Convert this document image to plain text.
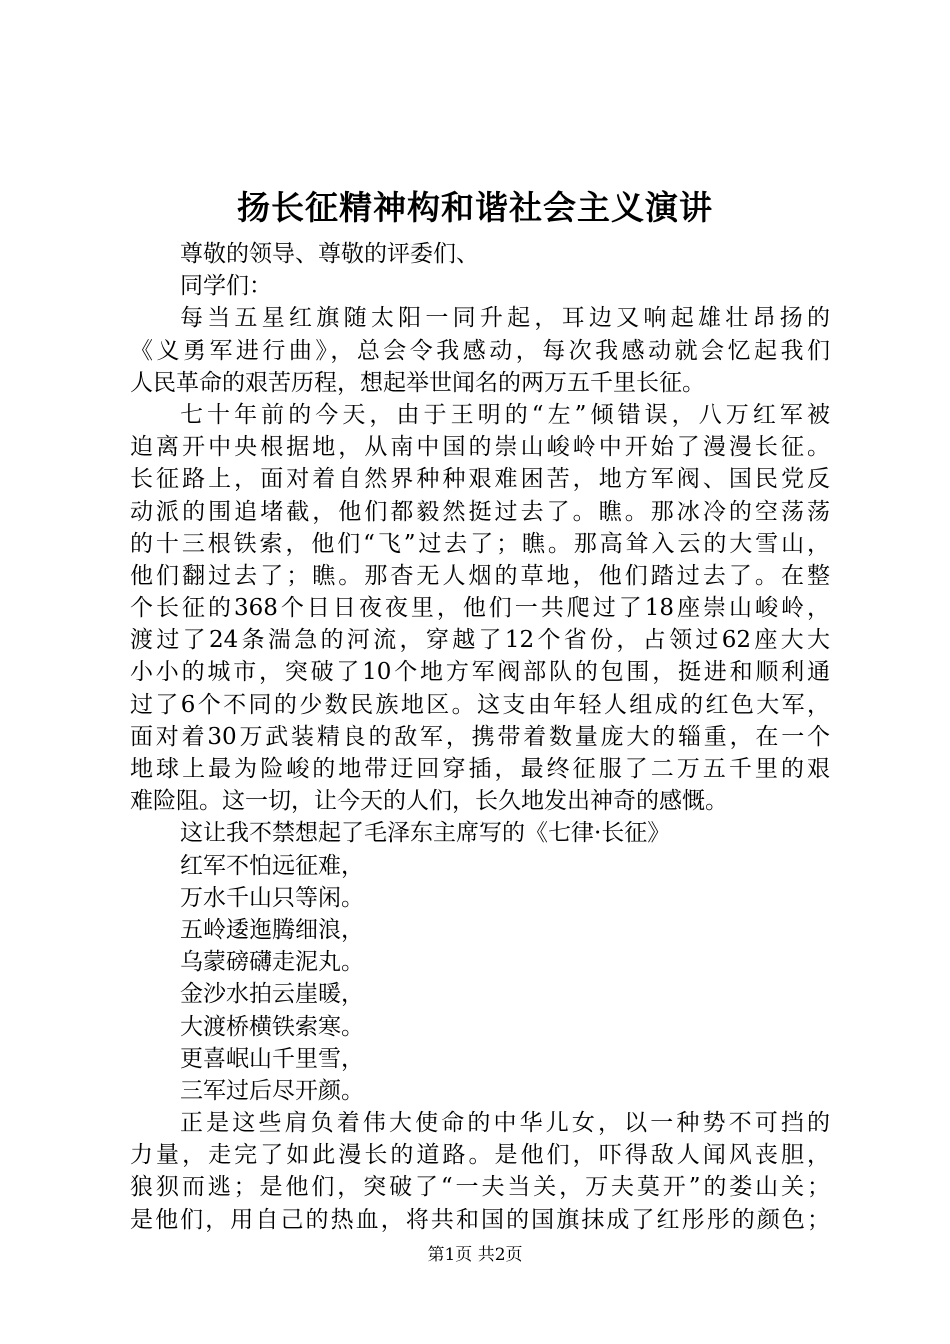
扬长征精神构和谐社会主义演讲
尊敬的领导、尊敬的评委们、
同学们：
每当五星红旗随太阳一同升起，耳边又响起雄壮昂扬的
《义勇军进行曲》，总会令我感动，每次我感动就会忆起我们
人民革命的艰苦历程，想起举世闻名的两万五千里长征。
七十年前的今天，由于王明的“左”倾错误，八万红军被
迫离开中央根据地，从南中国的崇山峻岭中开始了漫漫长征。
长征路上，面对着自然界种种艰难困苦，地方军阀、国民党反
动派的围追堵截，他们都毅然挺过去了。瞧。那冰冷的空荡荡
的十三根铁索，他们“飞”过去了；瞧。那高耸入云的大雪山，
他们翻过去了；瞧。那杳无人烟的草地，他们踏过去了。在整
个长征的368个日日夜夜里，他们一共爬过了18座崇山峻岭，
渡过了24条湍急的河流，穿越了12个省份，占领过62座大大
小小的城市，突破了10个地方军阀部队的包围，挺进和顺利通
过了6个不同的少数民族地区。这支由年轻人组成的红色大军，
面对着30万武装精良的敌军，携带着数量庞大的辎重，在一个
地球上最为险峻的地带迂回穿插，最终征服了二万五千里的艰
难险阻。这一切，让今天的人们，长久地发出神奇的感慨。
这让我不禁想起了毛泽东主席写的《七律·长征》
红军不怕远征难，
万水千山只等闲。
五岭逶迤腾细浪，
乌蒙磅礴走泥丸。
金沙水拍云崖暖，
大渡桥横铁索寒。
更喜岷山千里雪，
三军过后尽开颜。
正是这些肩负着伟大使命的中华儿女，以一种势不可挡的
力量，走完了如此漫长的道路。是他们，吓得敌人闻风丧胆，
狼狈而逃；是他们，突破了“一夫当关，万夫莫开”的娄山关；
是他们，用自己的热血，将共和国的国旗抹成了红彤彤的颜色；
第1页 共2页
